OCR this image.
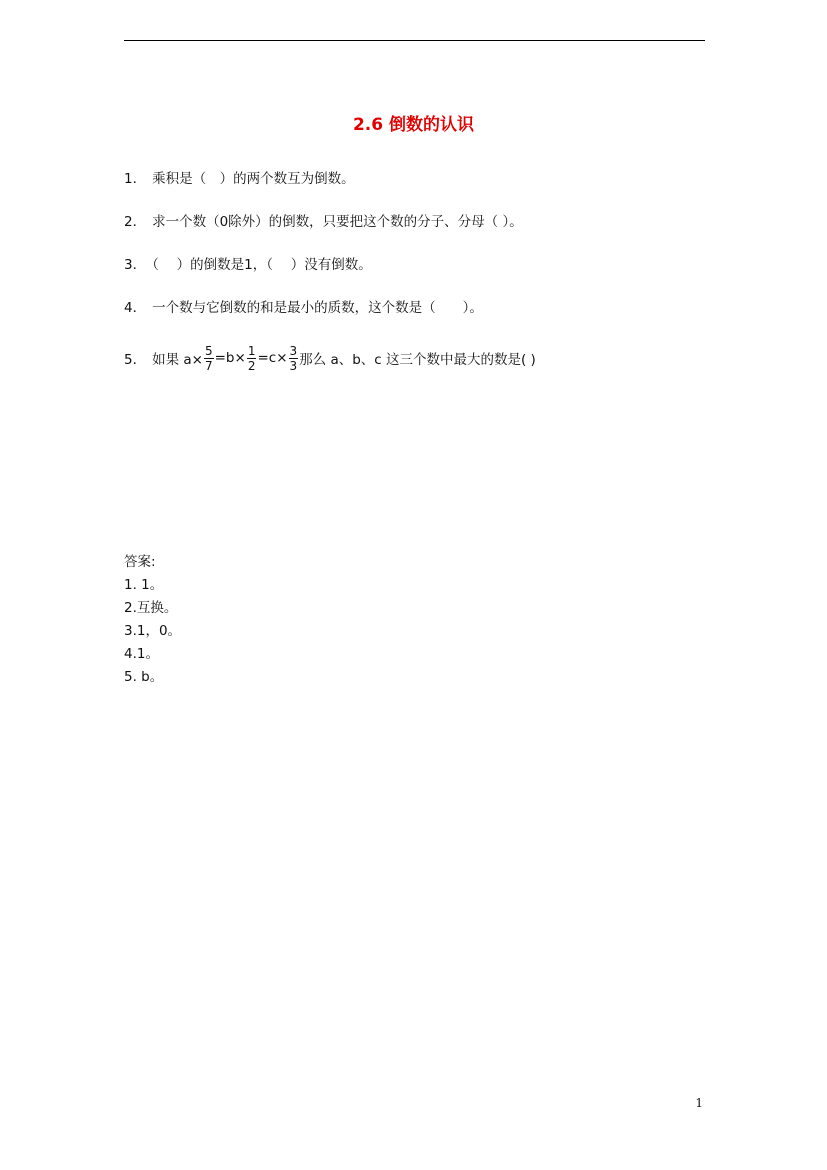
2.6 倒数的认识
1． 乘积是（　）的两个数互为倒数。
2． 求一个数（0除外）的倒数，只要把这个数的分子、分母（ ）。
3． （　 ）的倒数是1，（　 ）没有倒数。
4． 一个数与它倒数的和是最小的质数，这个数是（　　）。
5． 如果 $a\times \frac{5}{7} =b\times \frac{1}{2} =c\times \frac{3}{3}$ 那么 a、b、c 这三个数中最大的数是( )
答案:
1. 1。
2.互换。
3.1，0。
4.1。
5. b。
1
